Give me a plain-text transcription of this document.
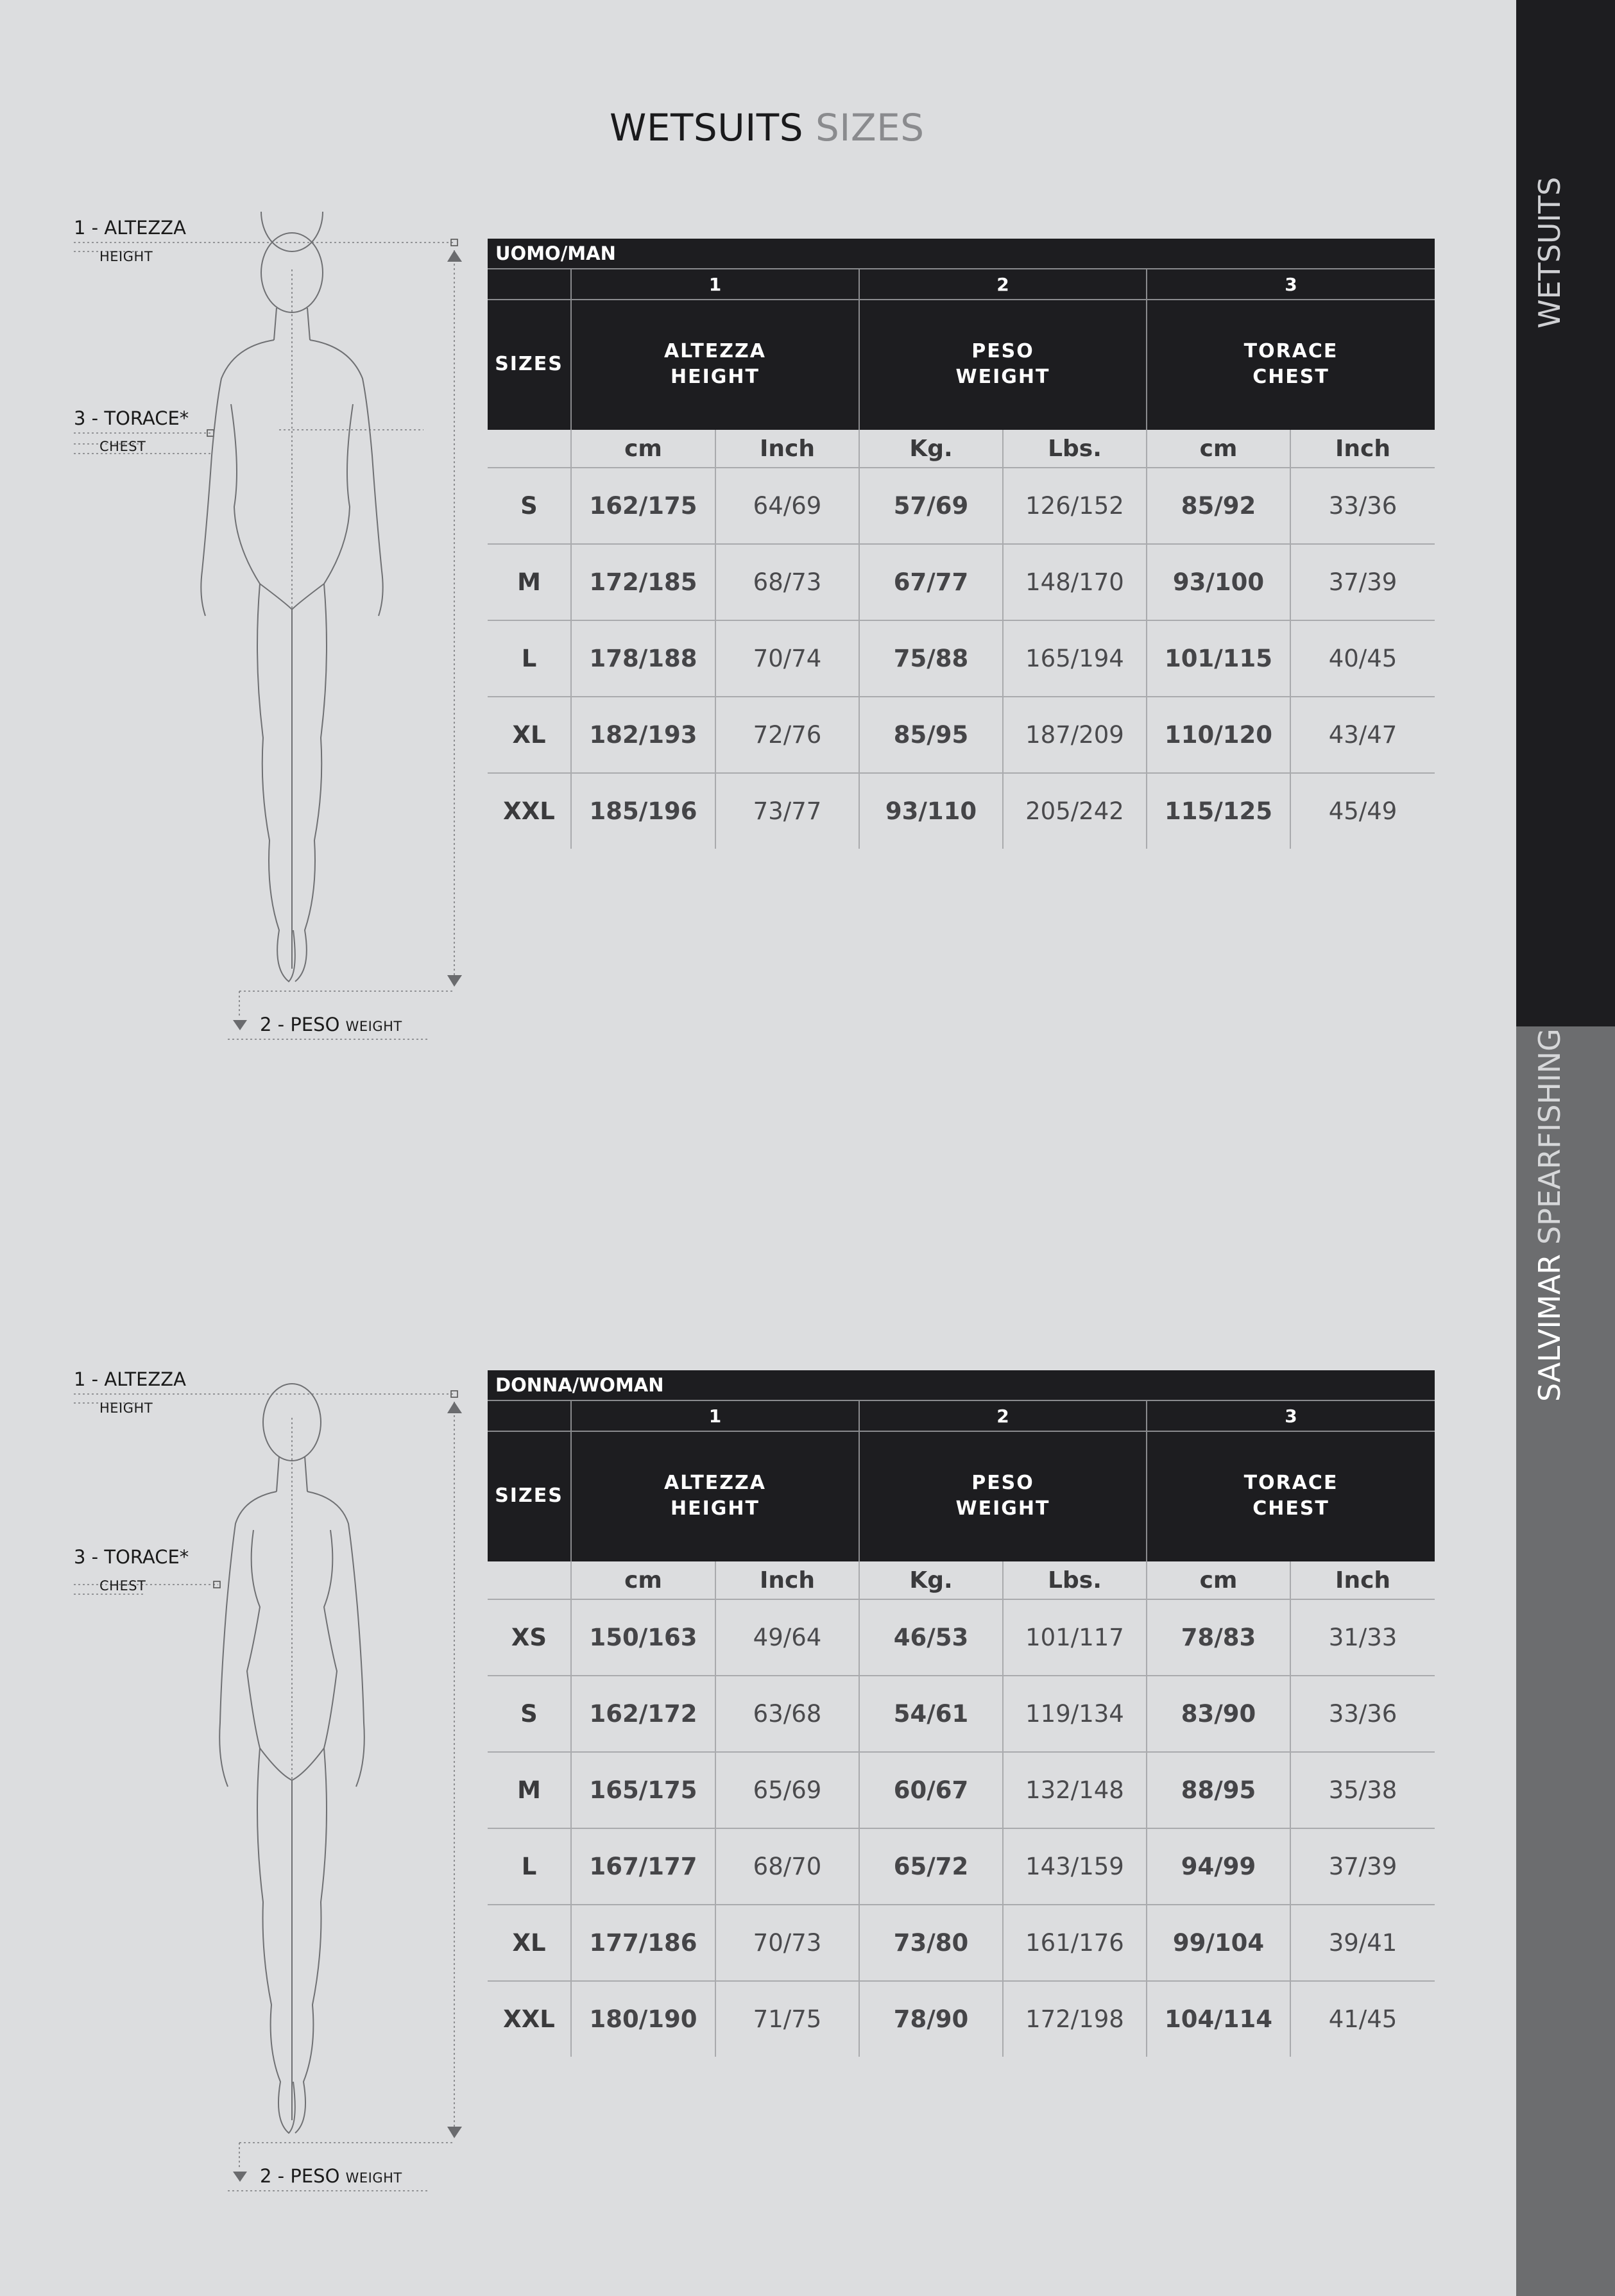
WETSUITS SIZES
WETSUITS
SALVIMAR SPEARFISHING
1 - ALTEZZA
HEIGHT
3 - TORACE*
CHEST
2 - PESO WEIGHT
UOMO/MAN						
	1		2		3	
SIZES	ALTEZZA
HEIGHT		PESO
WEIGHT		TORACE
CHEST	
	cm	Inch	Kg.	Lbs.	cm	Inch
S	162/175	64/69	57/69	126/152	85/92	33/36
M	172/185	68/73	67/77	148/170	93/100	37/39
L	178/188	70/74	75/88	165/194	101/115	40/45
XL	182/193	72/76	85/95	187/209	110/120	43/47
XXL	185/196	73/77	93/110	205/242	115/125	45/49
1 - ALTEZZA
HEIGHT
3 - TORACE*
CHEST
2 - PESO WEIGHT
DONNA/WOMAN						
	1		2		3	
SIZES	ALTEZZA
HEIGHT		PESO
WEIGHT		TORACE
CHEST	
	cm	Inch	Kg.	Lbs.	cm	Inch
XS	150/163	49/64	46/53	101/117	78/83	31/33
S	162/172	63/68	54/61	119/134	83/90	33/36
M	165/175	65/69	60/67	132/148	88/95	35/38
L	167/177	68/70	65/72	143/159	94/99	37/39
XL	177/186	70/73	73/80	161/176	99/104	39/41
XXL	180/190	71/75	78/90	172/198	104/114	41/45
